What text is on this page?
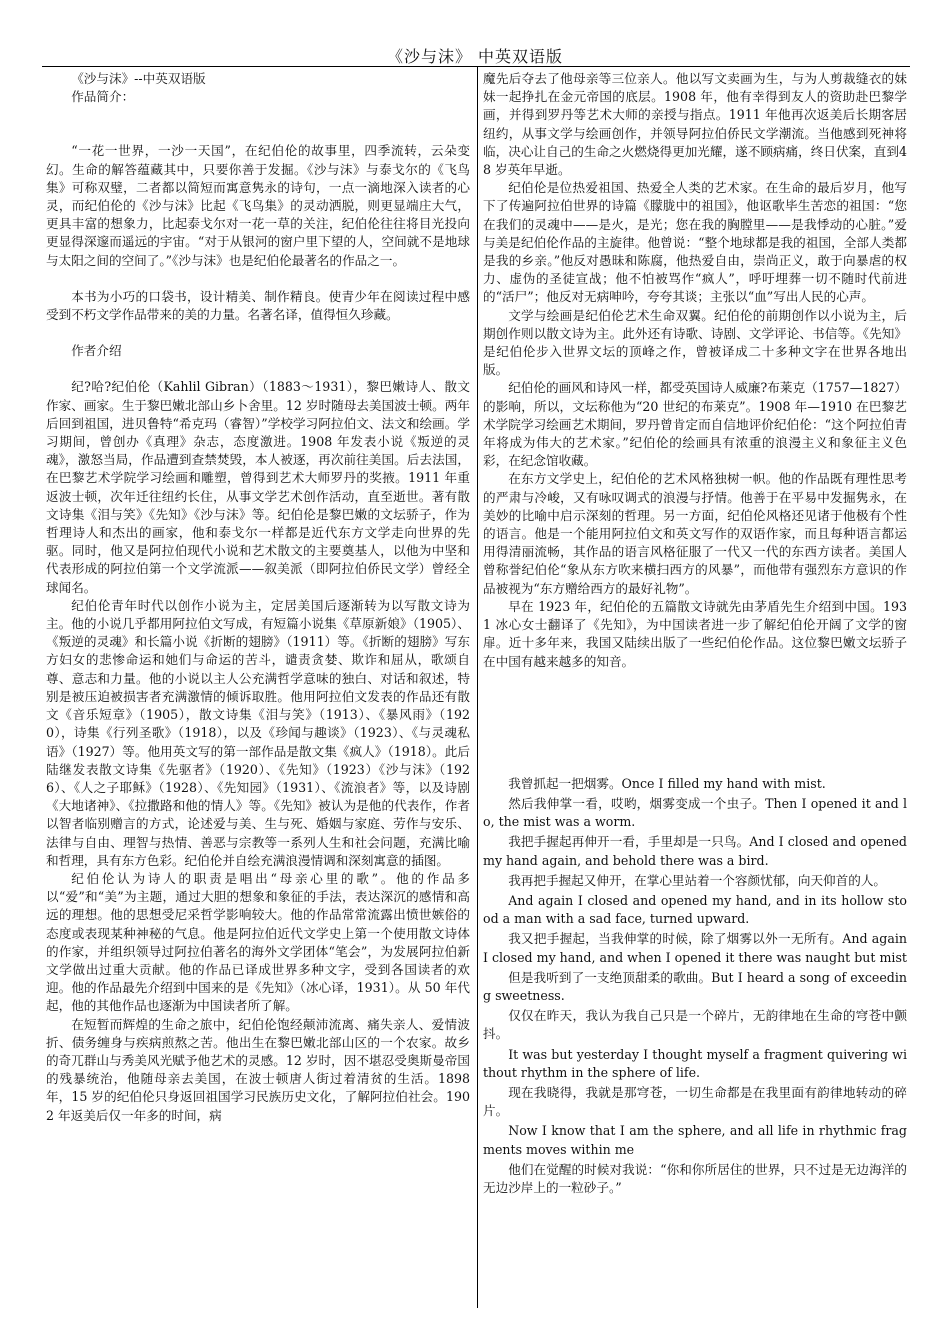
《沙与沫》 中英双语版

《沙与沫》--中英双语版

作品简介：

“一花一世界，一沙一天国”，在纪伯伦的故事里，四季流转，云朵变幻。生命的解答蕴藏其中，只要你善于发掘。《沙与沫》与泰戈尔的《飞鸟集》可称双璧，二者都以简短而寓意隽永的诗句，一点一滴地深入读者的心灵，而纪伯伦的《沙与沫》比起《飞鸟集》的灵动洒脱，则更显端庄大气，更具丰富的想象力，比起泰戈尔对一花一草的关注，纪伯伦往往将目光投向更显得深邃而遥远的宇宙。“对于从银河的窗户里下望的人，空间就不是地球与太阳之间的空间了。”《沙与沫》也是纪伯伦最著名的作品之一。

本书为小巧的口袋书，设计精美、制作精良。使青少年在阅读过程中感受到不朽文学作品带来的美的力量。名著名译，值得恒久珍藏。

作者介绍

纪?哈?纪伯伦（Kahlil Gibran）（1883～1931），黎巴嫩诗人、散文作家、画家。生于黎巴嫩北部山乡卜舍里。12 岁时随母去美国波士顿。两年后回到祖国，进贝鲁特“希克玛（睿智）”学校学习阿拉伯文、法文和绘画。学习期间，曾创办《真理》杂志，态度激进。1908 年发表小说《叛逆的灵魂》，激怒当局，作品遭到查禁焚毁，本人被逐，再次前往美国。后去法国，在巴黎艺术学院学习绘画和雕塑，曾得到艺术大师罗丹的奖掖。1911 年重返波士顿，次年迁往纽约长住，从事文学艺术创作活动，直至逝世。著有散文诗集《泪与笑》《先知》《沙与沫》等。纪伯伦是黎巴嫩的文坛骄子，作为哲理诗人和杰出的画家，他和泰戈尔一样都是近代东方文学走向世界的先驱。同时，他又是阿拉伯现代小说和艺术散文的主要奠基人，以他为中坚和代表形成的阿拉伯第一个文学流派——叙美派（即阿拉伯侨民文学）曾经全球闻名。

纪伯伦青年时代以创作小说为主，定居美国后逐渐转为以写散文诗为主。他的小说几乎都用阿拉伯文写成，有短篇小说集《草原新娘》（1905）、《叛逆的灵魂》和长篇小说《折断的翅膀》（1911）等。《折断的翅膀》写东方妇女的悲惨命运和她们与命运的苦斗，谴责贪婪、欺诈和屈从，歌颂自尊、意志和力量。他的小说以主人公充满哲学意味的独白、对话和叙述，特别是被压迫被损害者充满激情的倾诉取胜。他用阿拉伯文发表的作品还有散文《音乐短章》（1905），散文诗集《泪与笑》（1913）、《暴风雨》（1920），诗集《行列圣歌》（1918），以及《珍闻与趣谈》（1923）、《与灵魂私语》（1927）等。他用英文写的第一部作品是散文集《疯人》（1918）。此后陆继发表散文诗集《先驱者》（1920）、《先知》（1923）《沙与沫》（1926）、《人之子耶稣》（1928）、《先知园》（1931）、《流浪者》等，以及诗剧《大地诸神》、《拉撒路和他的情人》等。《先知》被认为是他的代表作，作者以智者临别赠言的方式，论述爱与美、生与死、婚姻与家庭、劳作与安乐、法律与自由、理智与热情、善恶与宗教等一系列人生和社会问题，充满比喻和哲理，具有东方色彩。纪伯伦并自绘充满浪漫情调和深刻寓意的插图。

纪伯伦认为诗人的职责是唱出“母亲心里的歌”。他的作品多以“爱”和“美”为主题，通过大胆的想象和象征的手法，表达深沉的感情和高远的理想。他的思想受尼采哲学影响较大。他的作品常常流露出愤世嫉俗的态度或表现某种神秘的气息。他是阿拉伯近代文学史上第一个使用散文诗体的作家，并组织领导过阿拉伯著名的海外文学团体“笔会”，为发展阿拉伯新文学做出过重大贡献。他的作品已译成世界多种文字，受到各国读者的欢迎。他的作品最先介绍到中国来的是《先知》（冰心译，1931）。从 50 年代起，他的其他作品也逐渐为中国读者所了解。

在短暂而辉煌的生命之旅中，纪伯伦饱经颠沛流离、痛失亲人、爱情波折、债务缠身与疾病煎熬之苦。他出生在黎巴嫩北部山区的一个农家。故乡的奇兀群山与秀美风光赋予他艺术的灵感。12 岁时，因不堪忍受奥斯曼帝国的残暴统治，他随母亲去美国，在波士顿唐人街过着清贫的生活。1898 年，15 岁的纪伯伦只身返回祖国学习民族历史文化，了解阿拉伯社会。1902 年返美后仅一年多的时间，病

魔先后夺去了他母亲等三位亲人。他以写文卖画为生，与为人剪裁缝衣的妹妹一起挣扎在金元帝国的底层。1908 年，他有幸得到友人的资助赴巴黎学画，并得到罗丹等艺术大师的亲授与指点。1911 年他再次返美后长期客居纽约，从事文学与绘画创作，并领导阿拉伯侨民文学潮流。当他感到死神将临，决心让自己的生命之火燃烧得更加光耀，遂不顾病痛，终日伏案，直到48 岁英年早逝。

纪伯伦是位热爱祖国、热爱全人类的艺术家。在生命的最后岁月，他写下了传遍阿拉伯世界的诗篇《朦胧中的祖国》，他讴歌毕生苦恋的祖国：“您在我们的灵魂中——是火，是光；您在我的胸膛里——是我悸动的心脏。”爱与美是纪伯伦作品的主旋律。他曾说：“整个地球都是我的祖国，全部人类都是我的乡亲。”他反对愚昧和陈腐，他热爱自由，崇尚正义，敢于向暴虐的权力、虚伪的圣徒宣战；他不怕被骂作“疯人”，呼吁埋葬一切不随时代前进的“活尸”；他反对无病呻吟，夸夸其谈；主张以“血”写出人民的心声。

文学与绘画是纪伯伦艺术生命双翼。纪伯伦的前期创作以小说为主，后期创作则以散文诗为主。此外还有诗歌、诗剧、文学评论、书信等。《先知》是纪伯伦步入世界文坛的顶峰之作，曾被译成二十多种文字在世界各地出版。

纪伯伦的画风和诗风一样，都受英国诗人威廉?布莱克（1757—1827）的影响，所以，文坛称他为“20 世纪的布莱克”。1908 年—1910 在巴黎艺术学院学习绘画艺术期间，罗丹曾肯定而自信地评价纪伯伦：“这个阿拉伯青年将成为伟大的艺术家。”纪伯伦的绘画具有浓重的浪漫主义和象征主义色彩，在纪念馆收藏。

在东方文学史上，纪伯伦的艺术风格独树一帜。他的作品既有理性思考的严肃与冷峻，又有咏叹调式的浪漫与抒情。他善于在平易中发掘隽永，在美妙的比喻中启示深刻的哲理。另一方面，纪伯伦风格还见诸于他极有个性的语言。他是一个能用阿拉伯文和英文写作的双语作家，而且每种语言都运用得清丽流畅，其作品的语言风格征服了一代又一代的东西方读者。美国人曾称誉纪伯伦“象从东方吹来横扫西方的风暴”，而他带有强烈东方意识的作品被视为“东方赠给西方的最好礼物”。

早在 1923 年，纪伯伦的五篇散文诗就先由茅盾先生介绍到中国。1931 冰心女士翻译了《先知》，为中国读者进一步了解纪伯伦开阔了文学的窗扉。近十多年来，我国又陆续出版了一些纪伯伦作品。这位黎巴嫩文坛骄子在中国有越来越多的知音。

我曾抓起一把烟雾。Once I filled my hand with mist.

然后我伸掌一看，哎哟，烟雾变成一个虫子。Then I opened it and lo, the mist was a worm.

我把手握起再伸开一看，手里却是一只鸟。And I closed and opened my hand again, and behold there was a bird.

我再把手握起又伸开，在掌心里站着一个容颜忧郁，向天仰首的人。

And again I closed and opened my hand, and in its hollow stood a man with a sad face, turned upward.

我又把手握起，当我伸掌的时候，除了烟雾以外一无所有。And again I closed my hand, and when I opened it there was naught but mist

但是我听到了一支绝顶甜柔的歌曲。But I heard a song of exceeding sweetness.

仅仅在昨天，我认为我自己只是一个碎片，无韵律地在生命的穹苍中颤抖。

It was but yesterday I thought myself a fragment quivering without rhythm in the sphere of life.

现在我晓得，我就是那穹苍，一切生命都是在我里面有韵律地转动的碎片。

Now I know that I am the sphere, and all life in rhythmic fragments moves within me

他们在觉醒的时候对我说：“你和你所居住的世界，只不过是无边海洋的无边沙岸上的一粒砂子。”
